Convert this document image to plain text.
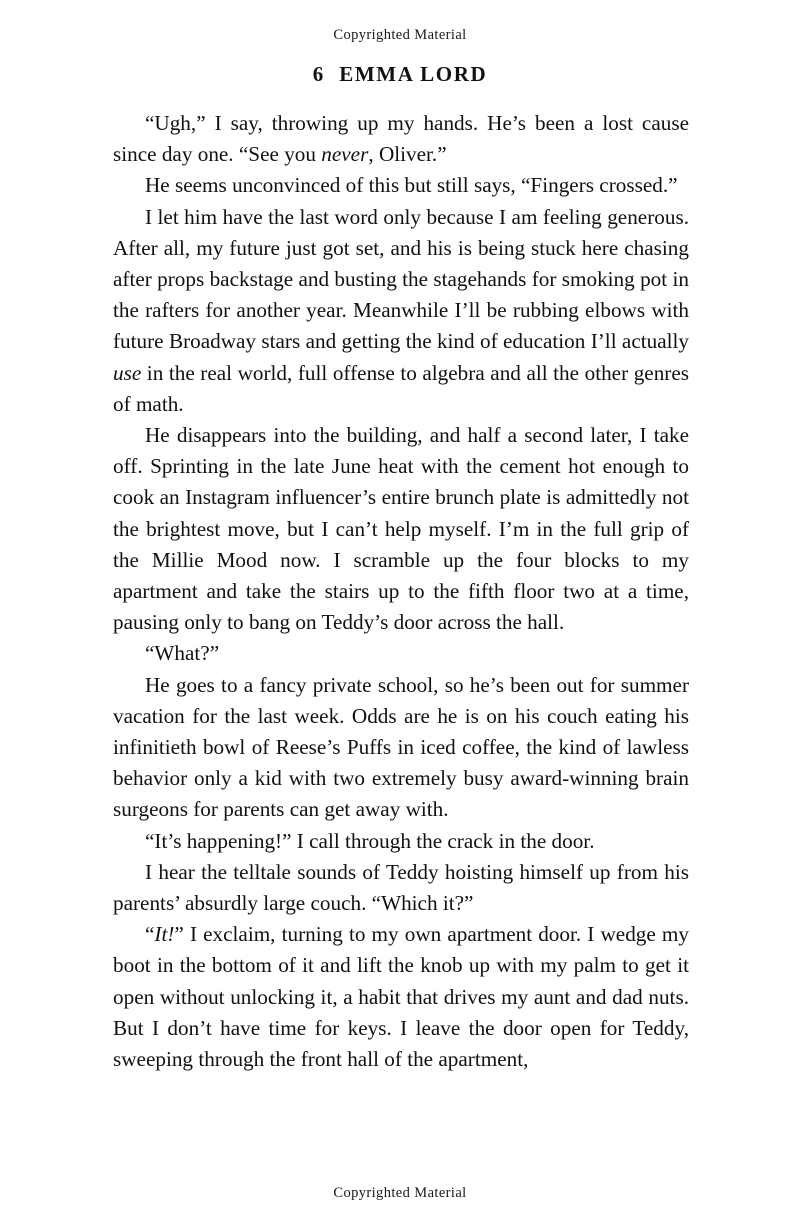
Copyrighted Material
6 EMMA LORD

“Ugh,” I say, throwing up my hands. He’s been a lost cause since day one. “See you never, Oliver.”

He seems unconvinced of this but still says, “Fingers crossed.”

I let him have the last word only because I am feeling generous. After all, my future just got set, and his is being stuck here chasing after props backstage and busting the stagehands for smoking pot in the rafters for another year. Meanwhile I’ll be rubbing elbows with future Broadway stars and getting the kind of education I’ll actually use in the real world, full offense to algebra and all the other genres of math.

He disappears into the building, and half a second later, I take off. Sprinting in the late June heat with the cement hot enough to cook an Instagram influencer’s entire brunch plate is admittedly not the brightest move, but I can’t help myself. I’m in the full grip of the Millie Mood now. I scramble up the four blocks to my apartment and take the stairs up to the fifth floor two at a time, pausing only to bang on Teddy’s door across the hall.

“What?”

He goes to a fancy private school, so he’s been out for summer vacation for the last week. Odds are he is on his couch eating his infinitieth bowl of Reese’s Puffs in iced coffee, the kind of lawless behavior only a kid with two extremely busy award-winning brain surgeons for parents can get away with.

“It’s happening!” I call through the crack in the door.

I hear the telltale sounds of Teddy hoisting himself up from his parents’ absurdly large couch. “Which it?”

“It!” I exclaim, turning to my own apartment door. I wedge my boot in the bottom of it and lift the knob up with my palm to get it open without unlocking it, a habit that drives my aunt and dad nuts. But I don’t have time for keys. I leave the door open for Teddy, sweeping through the front hall of the apartment,

Copyrighted Material
